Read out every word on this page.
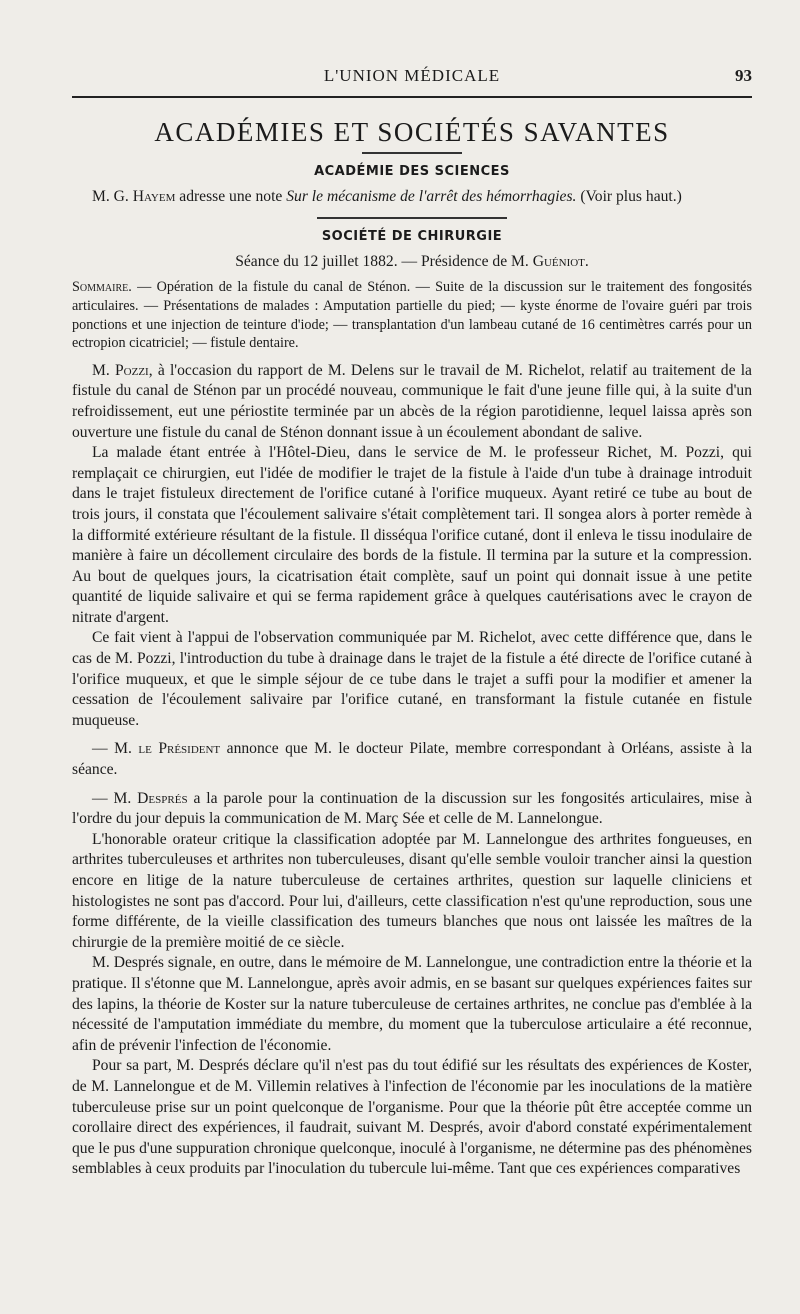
L'UNION MÉDICALE	93
ACADÉMIES ET SOCIÉTÉS SAVANTES
ACADÉMIE DES SCIENCES

M. G. Hayem adresse une note Sur le mécanisme de l'arrêt des hémorrhagies. (Voir plus haut.)

SOCIÉTÉ DE CHIRURGIE
Séance du 12 juillet 1882. — Présidence de M. Guéniot.

Sommaire. — Opération de la fistule du canal de Sténon. — Suite de la discussion sur le traitement des fongosités articulaires. — Présentations de malades : Amputation partielle du pied; — kyste énorme de l'ovaire guéri par trois ponctions et une injection de teinture d'iode; — transplantation d'un lambeau cutané de 16 centimètres carrés pour un ectropion cicatriciel; — fistule dentaire.

M. Pozzi, à l'occasion du rapport de M. Delens sur le travail de M. Richelot, relatif au traitement de la fistule du canal de Sténon par un procédé nouveau, communique le fait d'une jeune fille qui, à la suite d'un refroidissement, eut une périostite terminée par un abcès de la région parotidienne, lequel laissa après son ouverture une fistule du canal de Sténon donnant issue à un écoulement abondant de salive.

La malade étant entrée à l'Hôtel-Dieu, dans le service de M. le professeur Richet, M. Pozzi, qui remplaçait ce chirurgien, eut l'idée de modifier le trajet de la fistule à l'aide d'un tube à drainage introduit dans le trajet fistuleux directement de l'orifice cutané à l'orifice muqueux. Ayant retiré ce tube au bout de trois jours, il constata que l'écoulement salivaire s'était complètement tari. Il songea alors à porter remède à la difformité extérieure résultant de la fistule. Il disséqua l'orifice cutané, dont il enleva le tissu inodulaire de manière à faire un décollement circulaire des bords de la fistule. Il termina par la suture et la compression. Au bout de quelques jours, la cicatrisation était complète, sauf un point qui donnait issue à une petite quantité de liquide salivaire et qui se ferma rapidement grâce à quelques cautérisations avec le crayon de nitrate d'argent.

Ce fait vient à l'appui de l'observation communiquée par M. Richelot, avec cette différence que, dans le cas de M. Pozzi, l'introduction du tube à drainage dans le trajet de la fistule a été directe de l'orifice cutané à l'orifice muqueux, et que le simple séjour de ce tube dans le trajet a suffi pour la modifier et amener la cessation de l'écoulement salivaire par l'orifice cutané, en transformant la fistule cutanée en fistule muqueuse.

— M. le Président annonce que M. le docteur Pilate, membre correspondant à Orléans, assiste à la séance.

— M. Després a la parole pour la continuation de la discussion sur les fongosités articulaires, mise à l'ordre du jour depuis la communication de M. Març Sée et celle de M. Lannelongue.

L'honorable orateur critique la classification adoptée par M. Lannelongue des arthrites fongueuses, en arthrites tuberculeuses et arthrites non tuberculeuses, disant qu'elle semble vouloir trancher ainsi la question encore en litige de la nature tuberculeuse de certaines arthrites, question sur laquelle cliniciens et histologistes ne sont pas d'accord. Pour lui, d'ailleurs, cette classification n'est qu'une reproduction, sous une forme différente, de la vieille classification des tumeurs blanches que nous ont laissée les maîtres de la chirurgie de la première moitié de ce siècle.

M. Després signale, en outre, dans le mémoire de M. Lannelongue, une contradiction entre la théorie et la pratique. Il s'étonne que M. Lannelongue, après avoir admis, en se basant sur quelques expériences faites sur des lapins, la théorie de Koster sur la nature tuberculeuse de certaines arthrites, ne conclue pas d'emblée à la nécessité de l'amputation immédiate du membre, du moment que la tuberculose articulaire a été reconnue, afin de prévenir l'infection de l'économie.

Pour sa part, M. Després déclare qu'il n'est pas du tout édifié sur les résultats des expériences de Koster, de M. Lannelongue et de M. Villemin relatives à l'infection de l'économie par les inoculations de la matière tuberculeuse prise sur un point quelconque de l'organisme. Pour que la théorie pût être acceptée comme un corollaire direct des expériences, il faudrait, suivant M. Després, avoir d'abord constaté expérimentalement que le pus d'une suppuration chronique quelconque, inoculé à l'organisme, ne détermine pas des phénomènes semblables à ceux produits par l'inoculation du tubercule lui-même. Tant que ces expériences comparatives
